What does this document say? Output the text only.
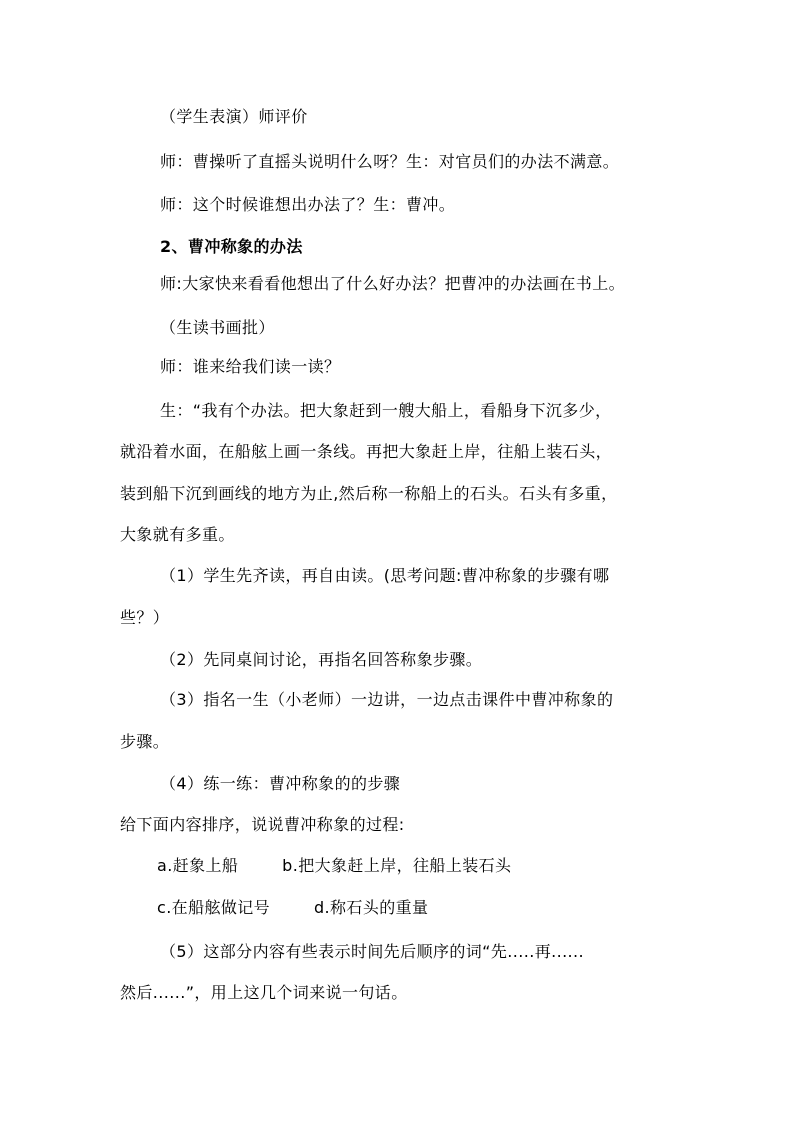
（学生表演）师评价
师：曹操听了直摇头说明什么呀？生：对官员们的办法不满意。
师：这个时候谁想出办法了？生：曹冲。
2、曹冲称象的办法
师:大家快来看看他想出了什么好办法？把曹冲的办法画在书上。
（生读书画批）
师：谁来给我们读一读？
生：“我有个办法。把大象赶到一艘大船上，看船身下沉多少，
就沿着水面，在船舷上画一条线。再把大象赶上岸，往船上装石头，
装到船下沉到画线的地方为止,然后称一称船上的石头。石头有多重，
大象就有多重。
（1）学生先齐读，再自由读。(思考问题:曹冲称象的步骤有哪
些？）
（2）先同桌间讨论，再指名回答称象步骤。
（3）指名一生（小老师）一边讲，一边点击课件中曹冲称象的
步骤。
（4）练一练：曹冲称象的的步骤
给下面内容排序，说说曹冲称象的过程:
a.赶象上船        b.把大象赶上岸，往船上装石头
c.在船舷做记号        d.称石头的重量
（5）这部分内容有些表示时间先后顺序的词“先.....再......
然后......”，用上这几个词来说一句话。
